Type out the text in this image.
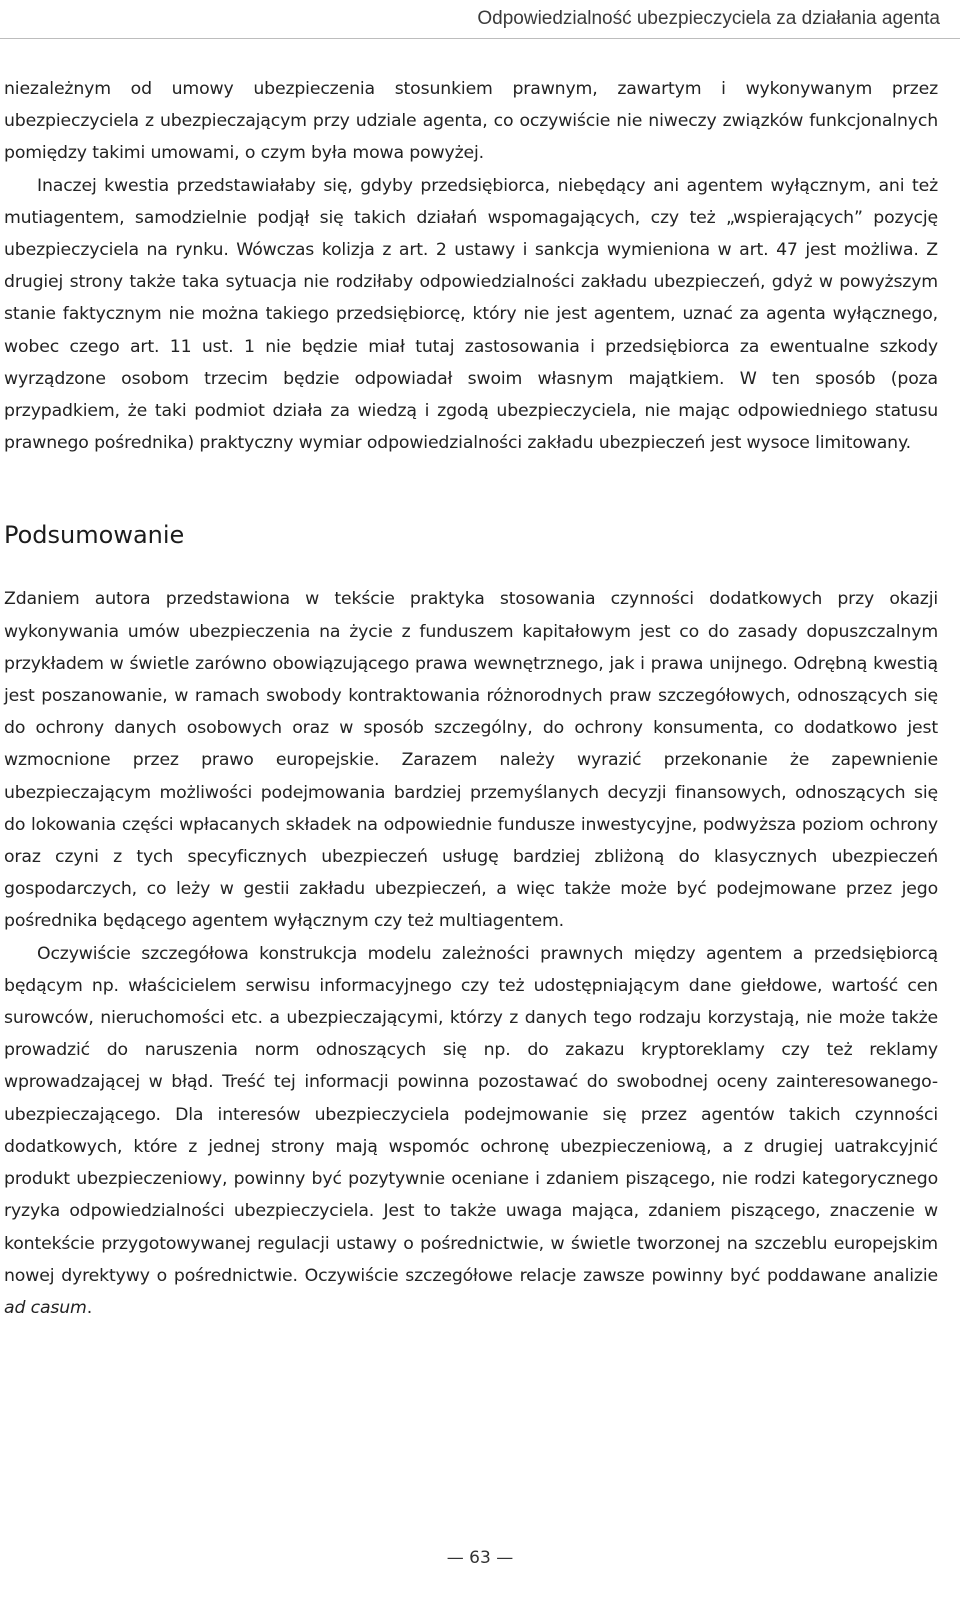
Odpowiedzialność ubezpieczyciela za działania agenta

niezależnym od umowy ubezpieczenia stosunkiem prawnym, zawartym i wykonywanym przez ubezpieczyciela z ubezpieczającym przy udziale agenta, co oczywiście nie niweczy związków funkcjonalnych pomiędzy takimi umowami, o czym była mowa powyżej.

Inaczej kwestia przedstawiałaby się, gdyby przedsiębiorca, niebędący ani agentem wyłącznym, ani też mutiagentem, samodzielnie podjął się takich działań wspomagających, czy też „wspierających” pozycję ubezpieczyciela na rynku. Wówczas kolizja z art. 2 ustawy i sankcja wymieniona w art. 47 jest możliwa. Z drugiej strony także taka sytuacja nie rodziłaby odpowiedzialności zakładu ubezpieczeń, gdyż w powyższym stanie faktycznym nie można takiego przedsiębiorcę, który nie jest agentem, uznać za agenta wyłącznego, wobec czego art. 11 ust. 1 nie będzie miał tutaj zastosowania i przedsiębiorca za ewentualne szkody wyrządzone osobom trzecim będzie odpowiadał swoim własnym majątkiem. W ten sposób (poza przypadkiem, że taki podmiot działa za wiedzą i zgodą ubezpieczyciela, nie mając odpowiedniego statusu prawnego pośrednika) praktyczny wymiar odpowiedzialności zakładu ubezpieczeń jest wysoce limitowany.

Podsumowanie

Zdaniem autora przedstawiona w tekście praktyka stosowania czynności dodatkowych przy okazji wykonywania umów ubezpieczenia na życie z funduszem kapitałowym jest co do zasady dopuszczalnym przykładem w świetle zarówno obowiązującego prawa wewnętrznego, jak i prawa unijnego. Odrębną kwestią jest poszanowanie, w ramach swobody kontraktowania różnorodnych praw szczegółowych, odnoszących się do ochrony danych osobowych oraz w sposób szczególny, do ochrony konsumenta, co dodatkowo jest wzmocnione przez prawo europejskie. Zarazem należy wyrazić przekonanie że zapewnienie ubezpieczającym możliwości podejmowania bardziej przemyślanych decyzji finansowych, odnoszących się do lokowania części wpłacanych składek na odpowiednie fundusze inwestycyjne, podwyższa poziom ochrony oraz czyni z tych specyficznych ubezpieczeń usługę bardziej zbliżoną do klasycznych ubezpieczeń gospodarczych, co leży w gestii zakładu ubezpieczeń, a więc także może być podejmowane przez jego pośrednika będącego agentem wyłącznym czy też multiagentem.

Oczywiście szczegółowa konstrukcja modelu zależności prawnych między agentem a przedsiębiorcą będącym np. właścicielem serwisu informacyjnego czy też udostępniającym dane giełdowe, wartość cen surowców, nieruchomości etc. a ubezpieczającymi, którzy z danych tego rodzaju korzystają, nie może także prowadzić do naruszenia norm odnoszących się np. do zakazu kryptoreklamy czy też reklamy wprowadzającej w błąd. Treść tej informacji powinna pozostawać do swobodnej oceny zainteresowanego-ubezpieczającego. Dla interesów ubezpieczyciela podejmowanie się przez agentów takich czynności dodatkowych, które z jednej strony mają wspomóc ochronę ubezpieczeniową, a z drugiej uatrakcyjnić produkt ubezpieczeniowy, powinny być pozytywnie oceniane i zdaniem piszącego, nie rodzi kategorycznego ryzyka odpowiedzialności ubezpieczyciela. Jest to także uwaga mająca, zdaniem piszącego, znaczenie w kontekście przygotowywanej regulacji ustawy o pośrednictwie, w świetle tworzonej na szczeblu europejskim nowej dyrektywy o pośrednictwie. Oczywiście szczegółowe relacje zawsze powinny być poddawane analizie ad casum.

— 63 —
